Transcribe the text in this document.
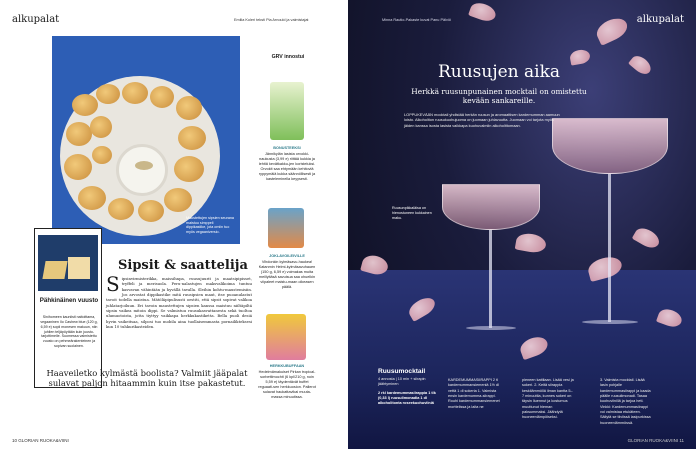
alkupalat	Emilia Koleri teksti Pia Arnould ja valmistajat
Maustettujen sipsien seurana maistuu simppeli dippikastike, jota omiin tuo myös vegaaniversio.
GRV innostui
BONUSTEEKSI
Jännikylän lasista orvokki-naukusta (3,99 e) riittää kukkia ja lehtiä kevätkakku-jen koristeluksi. Orvokit saa ehtymään kehitoviä ryppymäiä kukka säännöllisesti ja kasteleminella keyysesti.
JOKLAVOILEIVILLE
Vihdonkin kylmäsavu-haukea! Katanmin Helmi-kylmäsavuhauen (150 g, 6,59 e) voimakas muita meillyitäsä savuisua saa ohuelkin viipaleet maistu-maan oikeasen päälä.
HERKKUBUFFAAN
Hedelmämakuiset Pirkan tropical-sorbettimochit (6 kpl/210 g, noin 5,59 e) täydentävät buffet reguaati-sen herkkuosion. Pallerot sulavat haukattavikai muuta-massa minuutissa.
Pähkinäinen vuusto
Sinihomeen kauniisti naitoittama, vegaaninen Ilo Cashew blue (120 g, 6,59 e) sopii monesen makuun, niin juhlien teljäpöytään kuin juusto-tarjottimelle. Suomessa valmistettu vuusto on pehmeärakenteinen ja sopivan suolainen.
Sipsit & saattelija
Sipsinvirmisterikka, maissihnpa, ruusujuurit ja maatsipipisset, tryffeli ja merisuola. Peru-nalastujen maksvalikoima tuntuu kasvavan vähintään ja hyvällä tavalla. Sleihin kohtu-maustemisiin. Jos arvostat dippikastike mitä ruusipsien maut, itse puoanulastut tavoit todella maistua. Mätöläpipulisusti oestiti, että sipsit sopivat valikoa juhlatarjoiluun. Eri tavoin maustettujen sipsien kanssa maistuu niiltäpiltä sipsin vaikea mitoin dippi. Se valmistuu ruusukasvattanesta sekä tuoltoa ulumuotoista, jotta tiyttyy vaikkapa herkkukastiketta. Bella puoli desiä hyvin vaikeitsaa, silposi tuo mobila aina tuollaisemmasta pornailikteksesi kun 10 tuhkurikasteiden.
Haaveiletko kylmästä boolista? Valmiit jääpalat sulavat paljon hitaammin kuin itse pakastetut.
10 GLORIAN RUOKA&VIINI
alkupalat
Minna Rautio-Pakaste kuvat Panu Pälviö
Ruusujen aika
Herkkä ruusunpunainen mocktail on omistettu kevään sankareille.
LOPPUKEVÄÄN mocktail yhdistää herkän ruusun ja aromaattisen kardemumman aamuun loisto. Alkoholiton ruusukuohujuoma on juomaan juhlavuutta. Juomaan voi tarjota myös jäiden kanssa isosta lasista vaikkapa kuohuvalmiin alkoholittomaan.
Ruusunpikkaläisa on hienostuneen kukkainen maku.
Ruusumocktail
4 annosta | 10 min + siirapin jäähtyminen
2 rkl kardemummasiirappia 1 tlk (0,33 l) ruusulimonadia 1 dl alkoholitonta roseekuohuviiniä
KARDEMUMMASIIRAPPI 2 tl kardemummansiemeniä 1½ dl vettä 1 dl sokeria 1. Valmista ensin kardemumma-siirappi. Rouhi kardemummansiemenet morttelissa ja laita ne
pieneen kattilaan. Lisää vesi ja sokeri. 2. Keitä siirappia keskilämmöllä ilman kantta 5–7 minuuttia, kunnes sokeri on täysin liuennut ja kostumus muuttunut hieman paksummaksi. Jäähdytä huoneenlämpöiseksi.
3. Valmista mocktail. Lisää lasin pohjalle kardemummasiirappi ja kaada päälle ruusulimonadi. Tasaa kuohuviinillä ja tarjoa heti. Vinkki: Kardemummasiirappi voi valmistaa etukäteen. Säilytä se tiiviissä lasipurkissa huoneenlämmössä.
GLORIAN RUOKA&VIINI 11
